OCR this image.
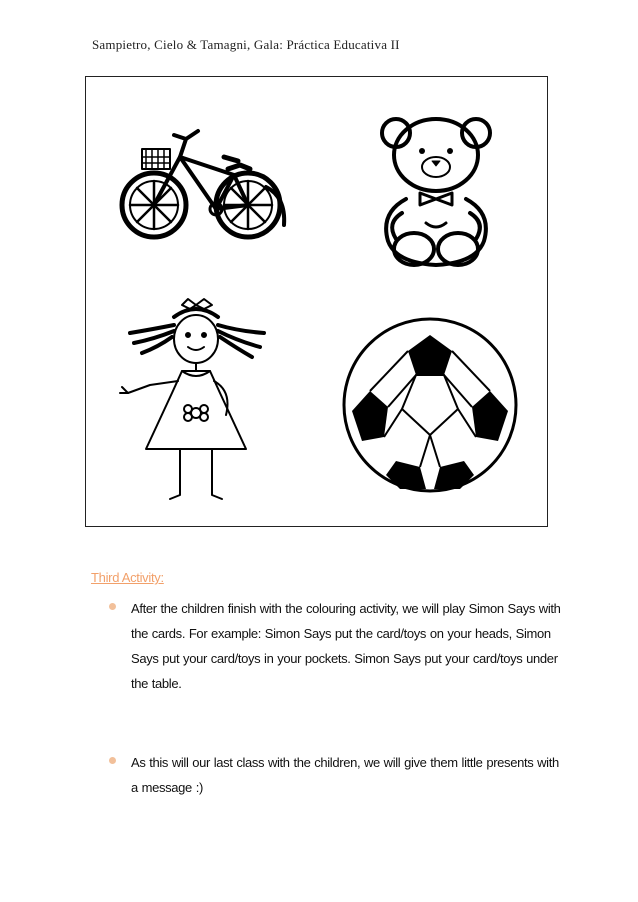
Sampietro, Cielo & Tamagni, Gala: Práctica Educativa II
Third Activity:
After the children finish with the colouring activity, we will play Simon Says with the cards. For example: Simon Says put the card/toys on your heads, Simon Says put your card/toys in your pockets. Simon Says put your card/toys under the table.
As this will our last class with the children, we will give them little presents with a message :)
